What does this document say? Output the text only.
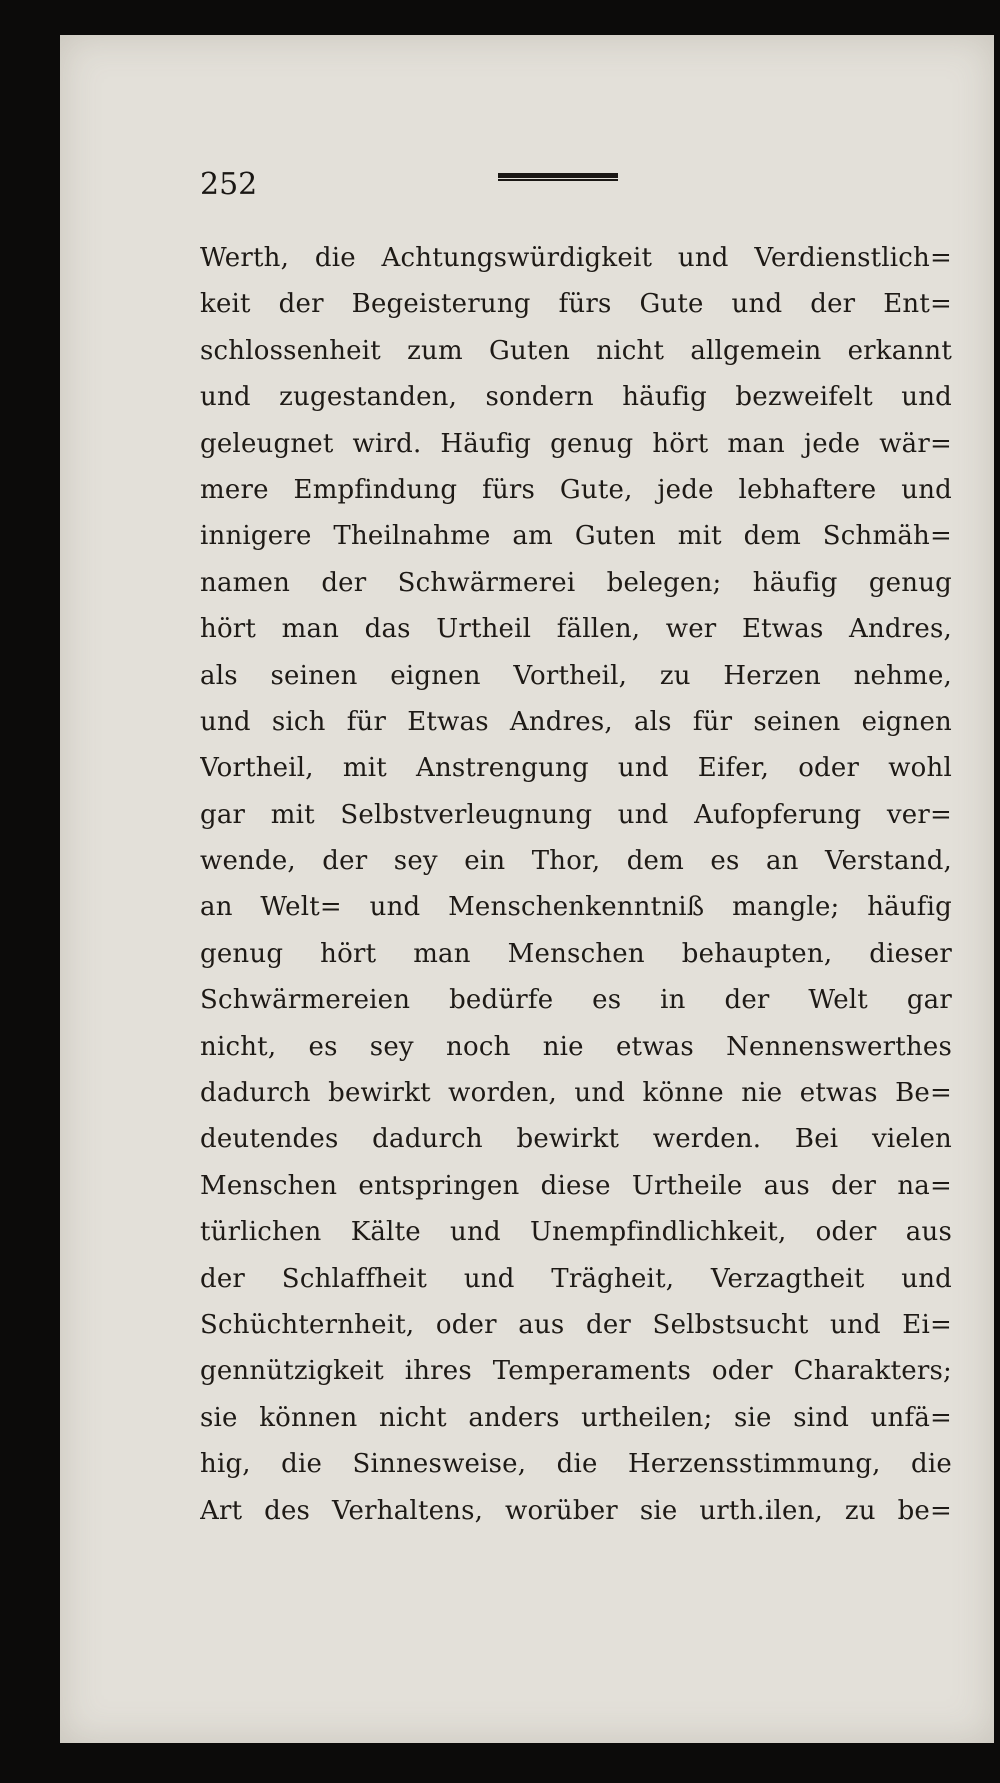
252

Werth, die Achtungswürdigkeit und Verdienstlich=
keit der Begeisterung fürs Gute und der Ent=
schlossenheit zum Guten nicht allgemein erkannt
und zugestanden, sondern häufig bezweifelt und
geleugnet wird. Häufig genug hört man jede wär=
mere Empfindung fürs Gute, jede lebhaftere und
innigere Theilnahme am Guten mit dem Schmäh=
namen der Schwärmerei belegen; häufig genug
hört man das Urtheil fällen, wer Etwas Andres,
als seinen eignen Vortheil, zu Herzen nehme,
und sich für Etwas Andres, als für seinen eignen
Vortheil, mit Anstrengung und Eifer, oder wohl
gar mit Selbstverleugnung und Aufopferung ver=
wende, der sey ein Thor, dem es an Verstand,
an Welt= und Menschenkenntniß mangle; häufig
genug hört man Menschen behaupten, dieser
Schwärmereien bedürfe es in der Welt gar
nicht, es sey noch nie etwas Nennenswerthes
dadurch bewirkt worden, und könne nie etwas Be=
deutendes dadurch bewirkt werden. Bei vielen
Menschen entspringen diese Urtheile aus der na=
türlichen Kälte und Unempfindlichkeit, oder aus
der Schlaffheit und Trägheit, Verzagtheit und
Schüchternheit, oder aus der Selbstsucht und Ei=
gennützigkeit ihres Temperaments oder Charakters;
sie können nicht anders urtheilen; sie sind unfä=
hig, die Sinnesweise, die Herzensstimmung, die
Art des Verhaltens, worüber sie urth.ilen, zu be=
